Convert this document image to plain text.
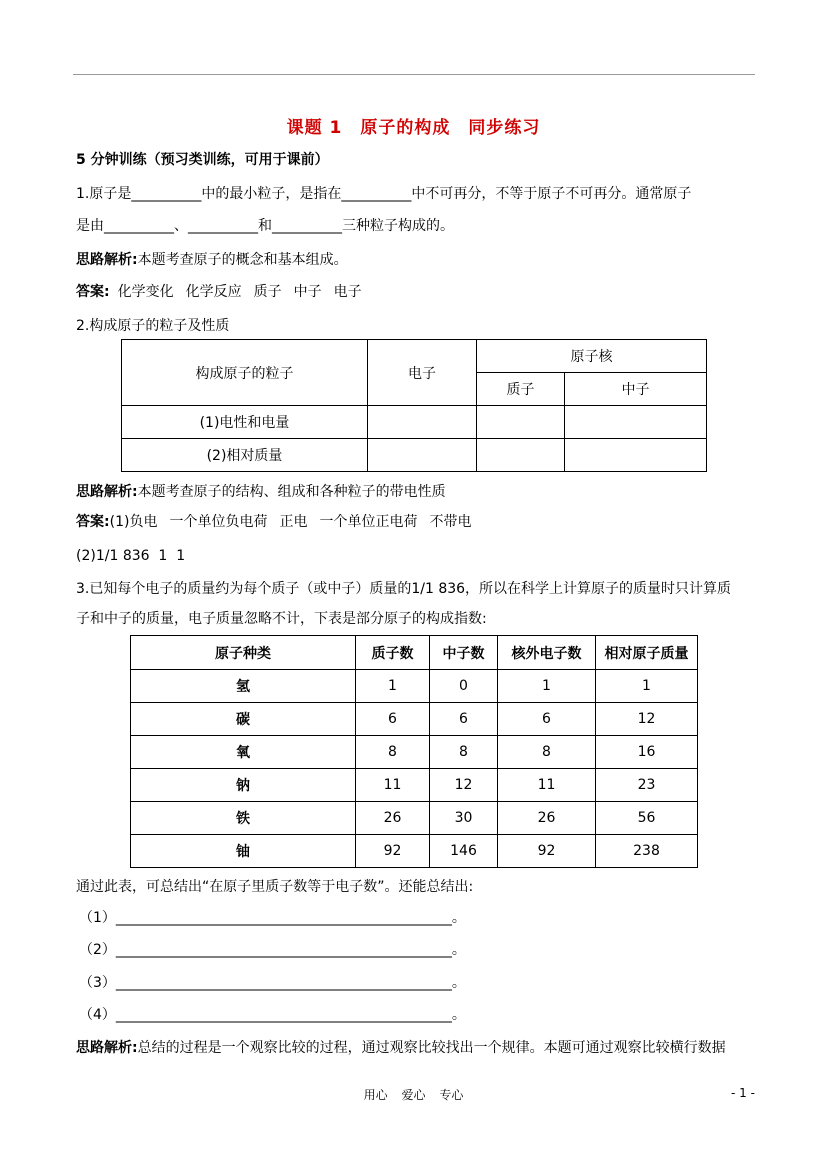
课题 1 原子的构成 同步练习
5 分钟训练（预习类训练，可用于课前）
1.原子是__________中的最小粒子，是指在__________中不可再分，不等于原子不可再分。通常原子
是由__________、__________和__________三种粒子构成的。
思路解析:本题考查原子的概念和基本组成。
答案: 化学变化 化学反应 质子 中子 电子
2.构成原子的粒子及性质
构成原子的粒子	电子	原子核	
		质子	中子
(1)电性和电量			
(2)相对质量			
思路解析:本题考查原子的结构、组成和各种粒子的带电性质
答案:(1)负电 一个单位负电荷 正电 一个单位正电荷 不带电
(2)1/1 836  1  1
3.已知每个电子的质量约为每个质子（或中子）质量的1/1 836，所以在科学上计算原子的质量时只计算质
子和中子的质量，电子质量忽略不计，下表是部分原子的构成指数:
原子种类	质子数	中子数	核外电子数	相对原子质量
氢	1	0	1	1
碳	6	6	6	12
氧	8	8	8	16
钠	11	12	11	23
铁	26	30	26	56
铀	92	146	92	238
通过此表，可总结出“在原子里质子数等于电子数”。还能总结出:
（1）________________________________________________。
（2）________________________________________________。
（3）________________________________________________。
（4）________________________________________________。
思路解析:总结的过程是一个观察比较的过程，通过观察比较找出一个规律。本题可通过观察比较横行数据
用心 爱心 专心	- 1 -
